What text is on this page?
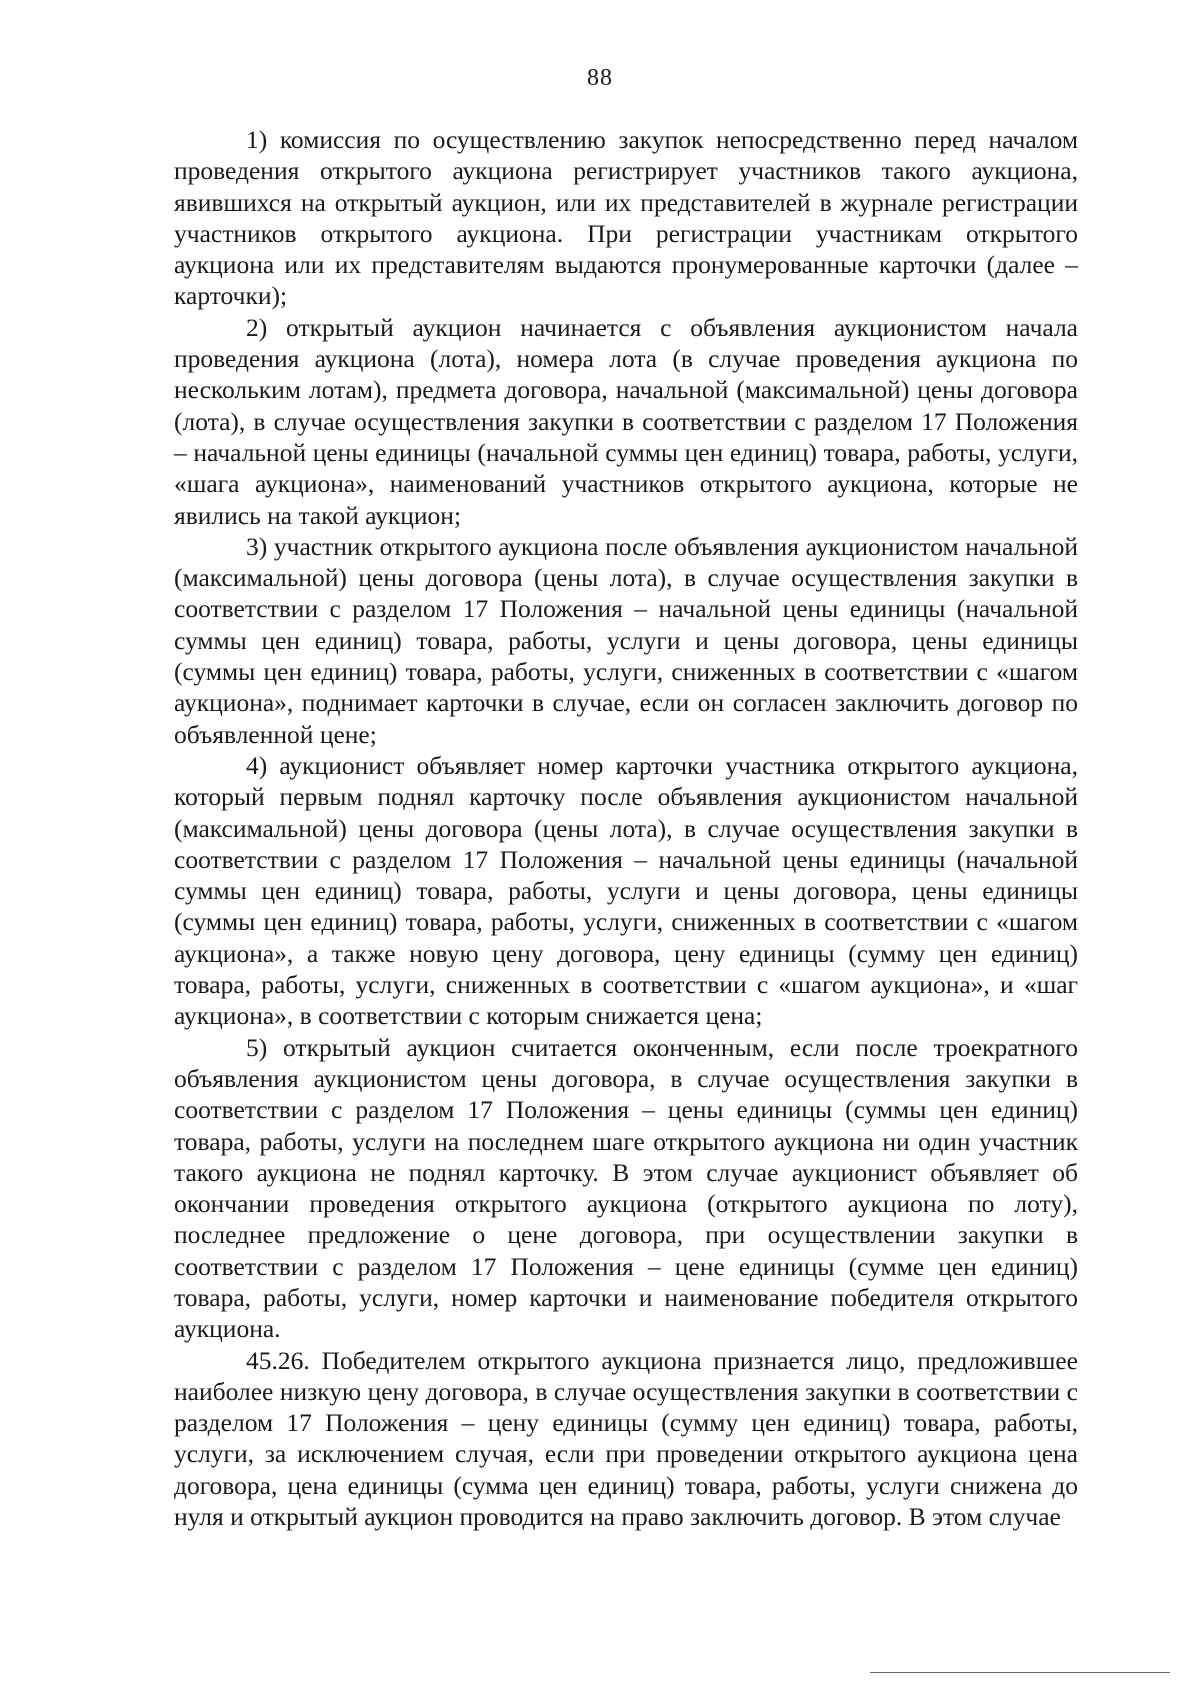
88

1) комиссия по осуществлению закупок непосредственно перед началом проведения открытого аукциона регистрирует участников такого аукциона, явившихся на открытый аукцион, или их представителей в журнале регистрации участников открытого аукциона. При регистрации участникам открытого аукциона или их представителям выдаются пронумерованные карточки (далее – карточки);

2) открытый аукцион начинается с объявления аукционистом начала проведения аукциона (лота), номера лота (в случае проведения аукциона по нескольким лотам), предмета договора, начальной (максимальной) цены договора (лота), в случае осуществления закупки в соответствии с разделом 17 Положения – начальной цены единицы (начальной суммы цен единиц) товара, работы, услуги, «шага аукциона», наименований участников открытого аукциона, которые не явились на такой аукцион;

3) участник открытого аукциона после объявления аукционистом начальной (максимальной) цены договора (цены лота), в случае осуществления закупки в соответствии с разделом 17 Положения – начальной цены единицы (начальной суммы цен единиц) товара, работы, услуги и цены договора, цены единицы (суммы цен единиц) товара, работы, услуги, сниженных в соответствии с «шагом аукциона», поднимает карточки в случае, если он согласен заключить договор по объявленной цене;

4) аукционист объявляет номер карточки участника открытого аукциона, который первым поднял карточку после объявления аукционистом начальной (максимальной) цены договора (цены лота), в случае осуществления закупки в соответствии с разделом 17 Положения – начальной цены единицы (начальной суммы цен единиц) товара, работы, услуги и цены договора, цены единицы (суммы цен единиц) товара, работы, услуги, сниженных в соответствии с «шагом аукциона», а также новую цену договора, цену единицы (сумму цен единиц) товара, работы, услуги, сниженных в соответствии с «шагом аукциона», и «шаг аукциона», в соответствии с которым снижается цена;

5) открытый аукцион считается оконченным, если после троекратного объявления аукционистом цены договора, в случае осуществления закупки в соответствии с разделом 17 Положения – цены единицы (суммы цен единиц) товара, работы, услуги на последнем шаге открытого аукциона ни один участник такого аукциона не поднял карточку. В этом случае аукционист объявляет об окончании проведения открытого аукциона (открытого аукциона по лоту), последнее предложение о цене договора, при осуществлении закупки в соответствии с разделом 17 Положения – цене единицы (сумме цен единиц) товара, работы, услуги, номер карточки и наименование победителя открытого аукциона.

45.26. Победителем открытого аукциона признается лицо, предложившее наиболее низкую цену договора, в случае осуществления закупки в соответствии с разделом 17 Положения – цену единицы (сумму цен единиц) товара, работы, услуги, за исключением случая, если при проведении открытого аукциона цена договора, цена единицы (сумма цен единиц) товара, работы, услуги снижена до нуля и открытый аукцион проводится на право заключить договор. В этом случае
